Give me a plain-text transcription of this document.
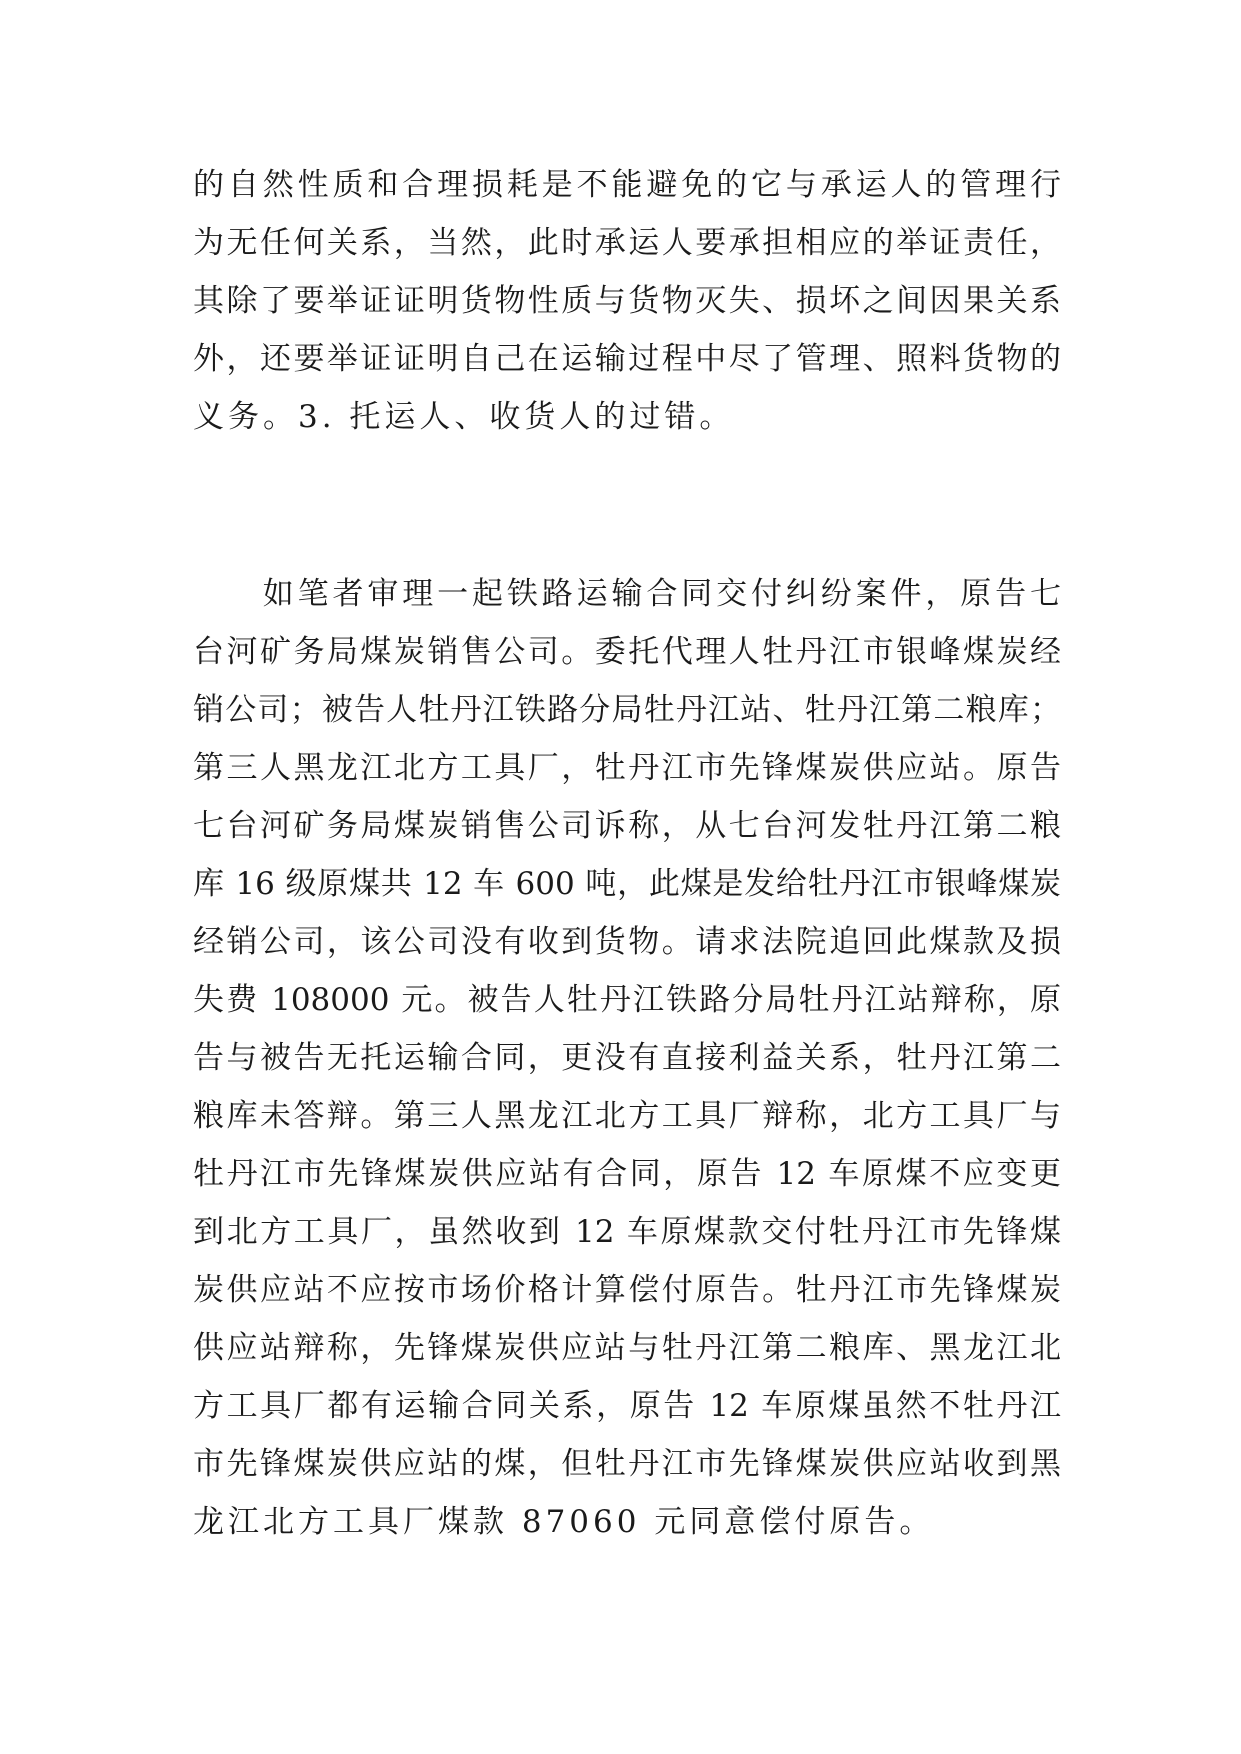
的自然性质和合理损耗是不能避免的它与承运人的管理行
为无任何关系，当然，此时承运人要承担相应的举证责任，
其除了要举证证明货物性质与货物灭失、损坏之间因果关系
外，还要举证证明自己在运输过程中尽了管理、照料货物的
义务。3. 托运人、收货人的过错。
　　如笔者审理一起铁路运输合同交付纠纷案件，原告七
台河矿务局煤炭销售公司。委托代理人牡丹江市银峰煤炭经
销公司；被告人牡丹江铁路分局牡丹江站、牡丹江第二粮库；
第三人黑龙江北方工具厂，牡丹江市先锋煤炭供应站。原告
七台河矿务局煤炭销售公司诉称，从七台河发牡丹江第二粮
库 16 级原煤共 12 车 600 吨，此煤是发给牡丹江市银峰煤炭
经销公司，该公司没有收到货物。请求法院追回此煤款及损
失费 108000 元。被告人牡丹江铁路分局牡丹江站辩称，原
告与被告无托运输合同，更没有直接利益关系，牡丹江第二
粮库未答辩。第三人黑龙江北方工具厂辩称，北方工具厂与
牡丹江市先锋煤炭供应站有合同，原告 12 车原煤不应变更
到北方工具厂，虽然收到 12 车原煤款交付牡丹江市先锋煤
炭供应站不应按市场价格计算偿付原告。牡丹江市先锋煤炭
供应站辩称，先锋煤炭供应站与牡丹江第二粮库、黑龙江北
方工具厂都有运输合同关系，原告 12 车原煤虽然不牡丹江
市先锋煤炭供应站的煤，但牡丹江市先锋煤炭供应站收到黑
龙江北方工具厂煤款 87060 元同意偿付原告。
